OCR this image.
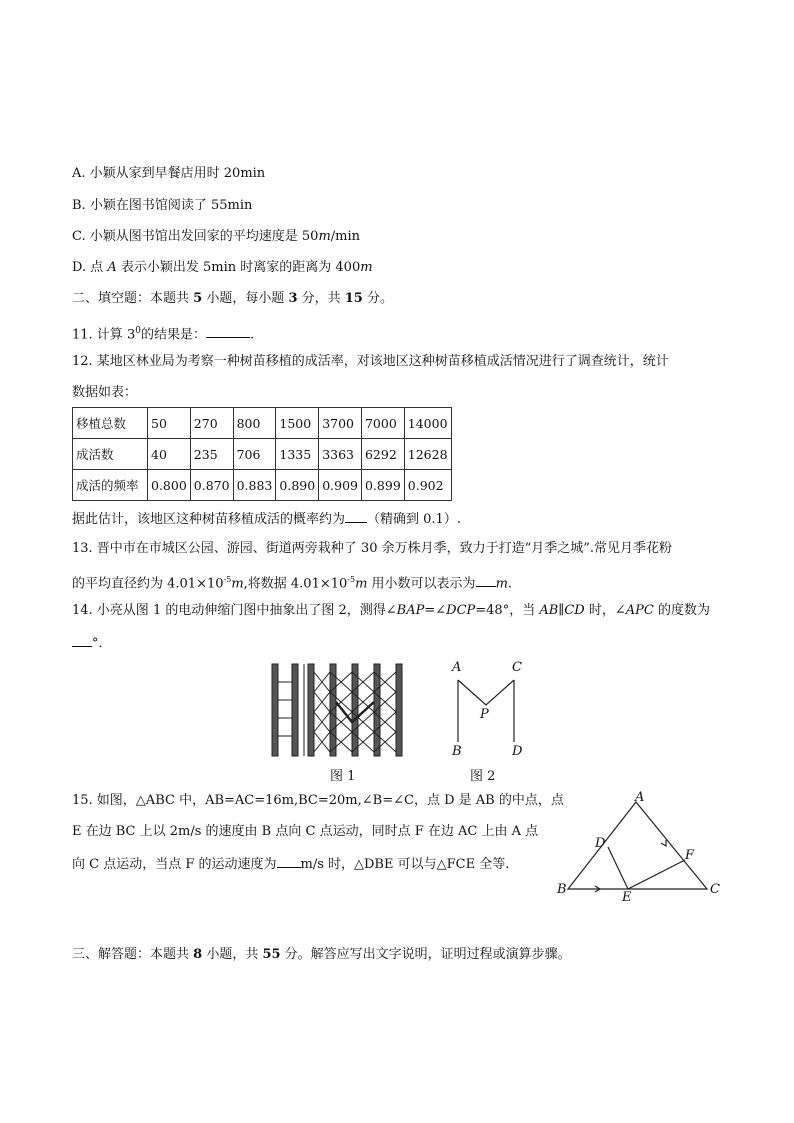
A. 小颖从家到早餐店用时 20min
B. 小颖在图书馆阅读了 55min
C. 小颖从图书馆出发回家的平均速度是 50m/min
D. 点 A 表示小颖出发 5min 时离家的距离为 400m
二、填空题：本题共 5 小题，每小题 3 分，共 15 分。
11. 计算 $3^0$的结果是：	.
12. 某地区林业局为考察一种树苗移植的成活率，对该地区这种树苗移植成活情况进行了调查统计，统计
数据如表：
移植总数	50	270	800	1500	3700	7000	14000
成活数	40	235	706	1335	3363	6292	12628
成活的频率	0.800	0.870	0.883	0.890	0.909	0.899	0.902
据此估计，该地区这种树苗移植成活的概率约为 （精确到 0.1）.
13. 晋中市在市城区公园、游园、街道两旁栽种了 30 余万株月季，致力于打造“月季之城”.常见月季花粉
的平均直径约为 $4.01\times 10^{-5}m$,将数据 $4.01\times 10^{-5}m$ 用小数可以表示为 m.
14. 小亮从图 1 的电动伸缩门图中抽象出了图 2，测得∠BAP=∠DCP=48°，当 AB∥CD 时，∠APC 的度数为
°．
图 1
A	C
P
B	D
图 2
15. 如图，△ABC 中，AB=AC=16m,BC=20m,∠B=∠C，点 D 是 AB 的中点，点
E 在边 BC 上以 2m/s 的速度由 B 点向 C 点运动，同时点 F 在边 AC 上由 A 点
向 C 点运动，当点 F 的运动速度为 m/s 时，△DBE 可以与△FCE 全等.
A
D
F
B
E
C
三、解答题：本题共 8 小题，共 55 分。解答应写出文字说明，证明过程或演算步骤。
